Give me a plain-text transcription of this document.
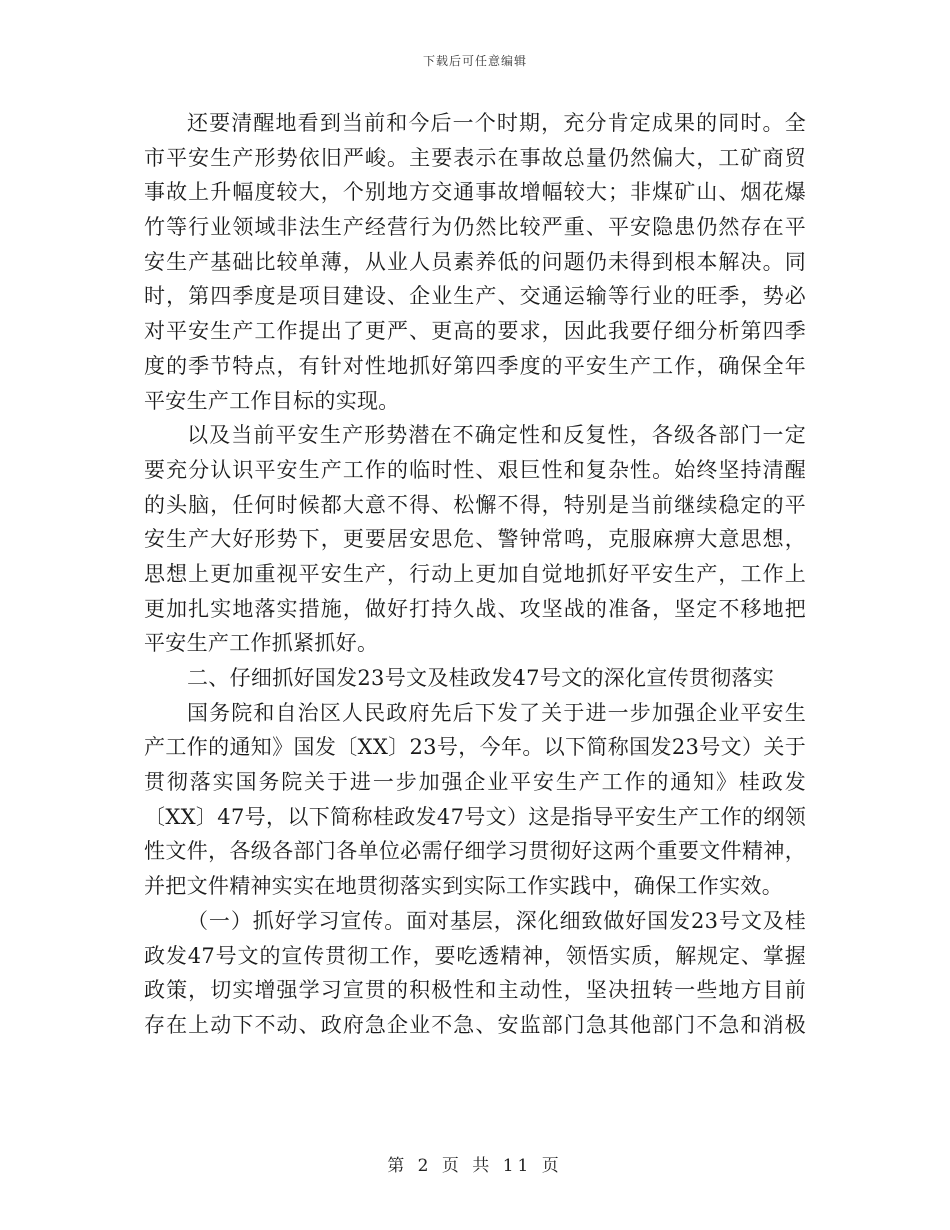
下载后可任意编辑
还要清醒地看到当前和今后一个时期，充分肯定成果的同时。全
市平安生产形势依旧严峻。主要表示在事故总量仍然偏大，工矿商贸
事故上升幅度较大，个别地方交通事故增幅较大；非煤矿山、烟花爆
竹等行业领域非法生产经营行为仍然比较严重、平安隐患仍然存在平
安生产基础比较单薄，从业人员素养低的问题仍未得到根本解决。同
时，第四季度是项目建设、企业生产、交通运输等行业的旺季，势必
对平安生产工作提出了更严、更高的要求，因此我要仔细分析第四季
度的季节特点，有针对性地抓好第四季度的平安生产工作，确保全年
平安生产工作目标的实现。
以及当前平安生产形势潜在不确定性和反复性，各级各部门一定
要充分认识平安生产工作的临时性、艰巨性和复杂性。始终坚持清醒
的头脑，任何时候都大意不得、松懈不得，特别是当前继续稳定的平
安生产大好形势下，更要居安思危、警钟常鸣，克服麻痹大意思想，
思想上更加重视平安生产，行动上更加自觉地抓好平安生产，工作上
更加扎实地落实措施，做好打持久战、攻坚战的准备，坚定不移地把
平安生产工作抓紧抓好。
二、仔细抓好国发23号文及桂政发47号文的深化宣传贯彻落实
国务院和自治区人民政府先后下发了关于进一步加强企业平安生
产工作的通知》国发〔XX〕23号，今年。以下简称国发23号文）关于
贯彻落实国务院关于进一步加强企业平安生产工作的通知》桂政发
〔XX〕47号，以下简称桂政发47号文）这是指导平安生产工作的纲领
性文件，各级各部门各单位必需仔细学习贯彻好这两个重要文件精神，
并把文件精神实实在地贯彻落实到实际工作实践中，确保工作实效。
（一）抓好学习宣传。面对基层，深化细致做好国发23号文及桂
政发47号文的宣传贯彻工作，要吃透精神，领悟实质，解规定、掌握
政策，切实增强学习宣贯的积极性和主动性，坚决扭转一些地方目前
存在上动下不动、政府急企业不急、安监部门急其他部门不急和消极
第 2 页 共 11 页
